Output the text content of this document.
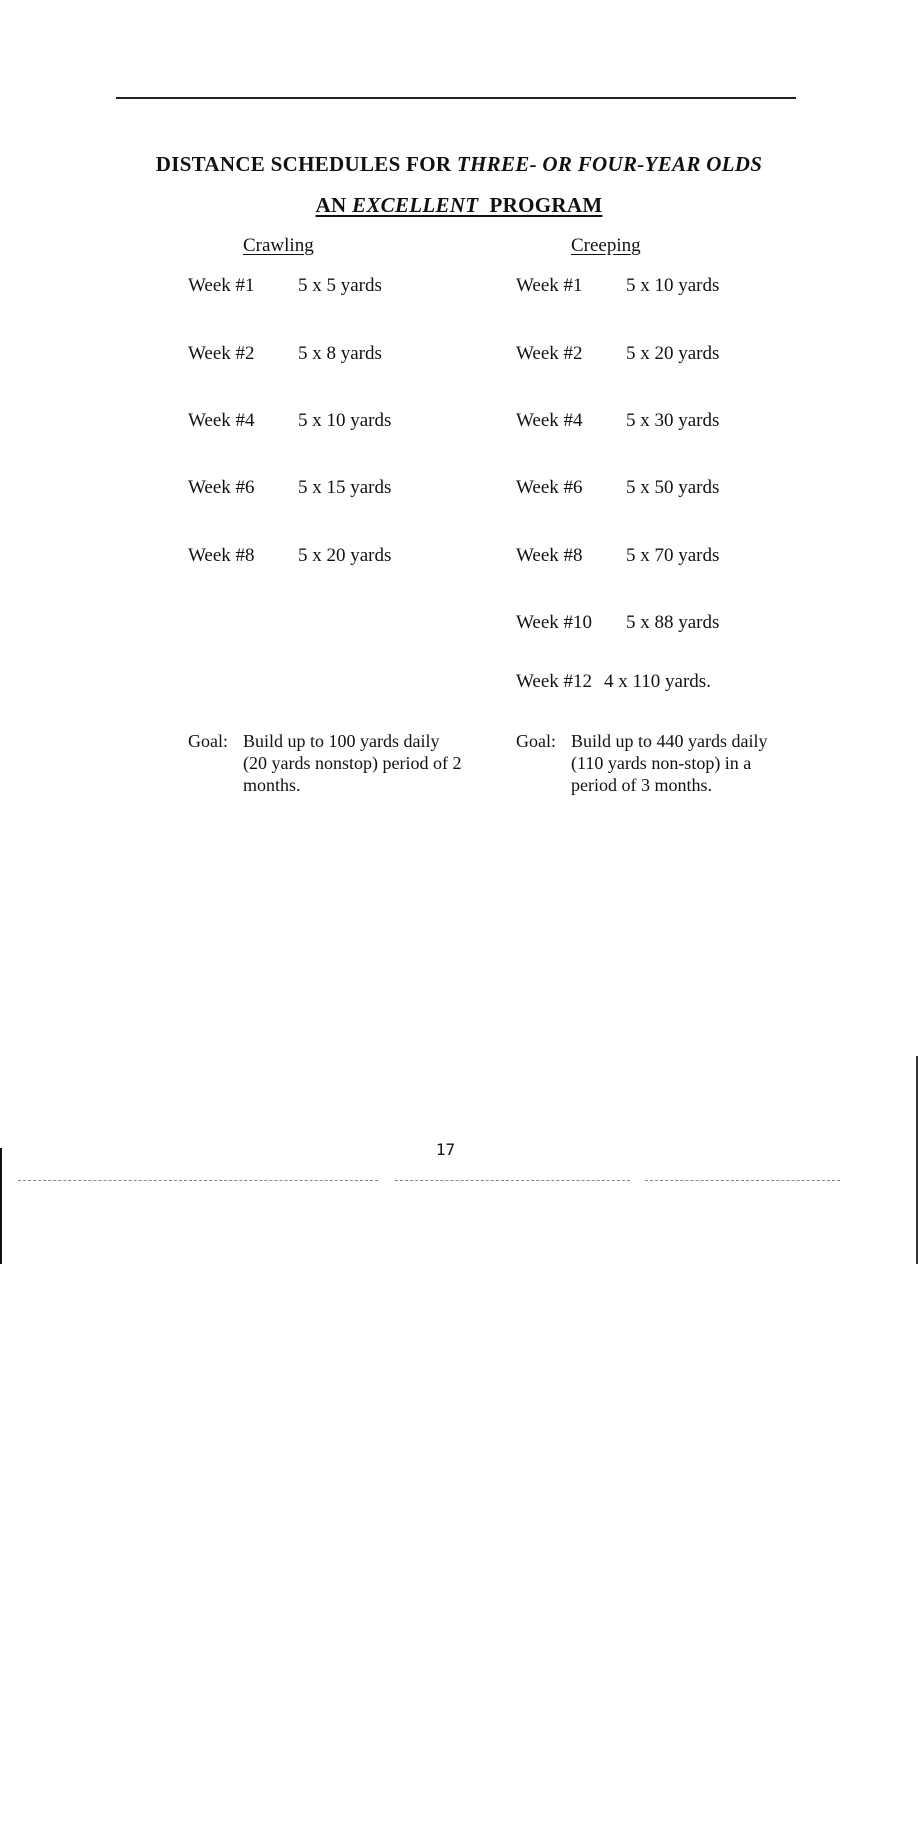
DISTANCE SCHEDULES FOR THREE- OR FOUR-YEAR OLDS
AN EXCELLENT  PROGRAM
Crawling
Week #1 5 x 5 yards
Week #2 5 x 8 yards
Week #4 5 x 10 yards
Week #6 5 x 15 yards
Week #8 5 x 20 yards
Goal: Build up to 100 yards daily (20 yards nonstop) period of 2 months.
Creeping
Week #1 5 x 10 yards
Week #2 5 x 20 yards
Week #4 5 x 30 yards
Week #6 5 x 50 yards
Week #8 5 x 70 yards
Week #10 5 x 88 yards
Week #12 4 x 110 yards.
Goal: Build up to 440 yards daily (110 yards non-stop) in a period of 3 months.
17
